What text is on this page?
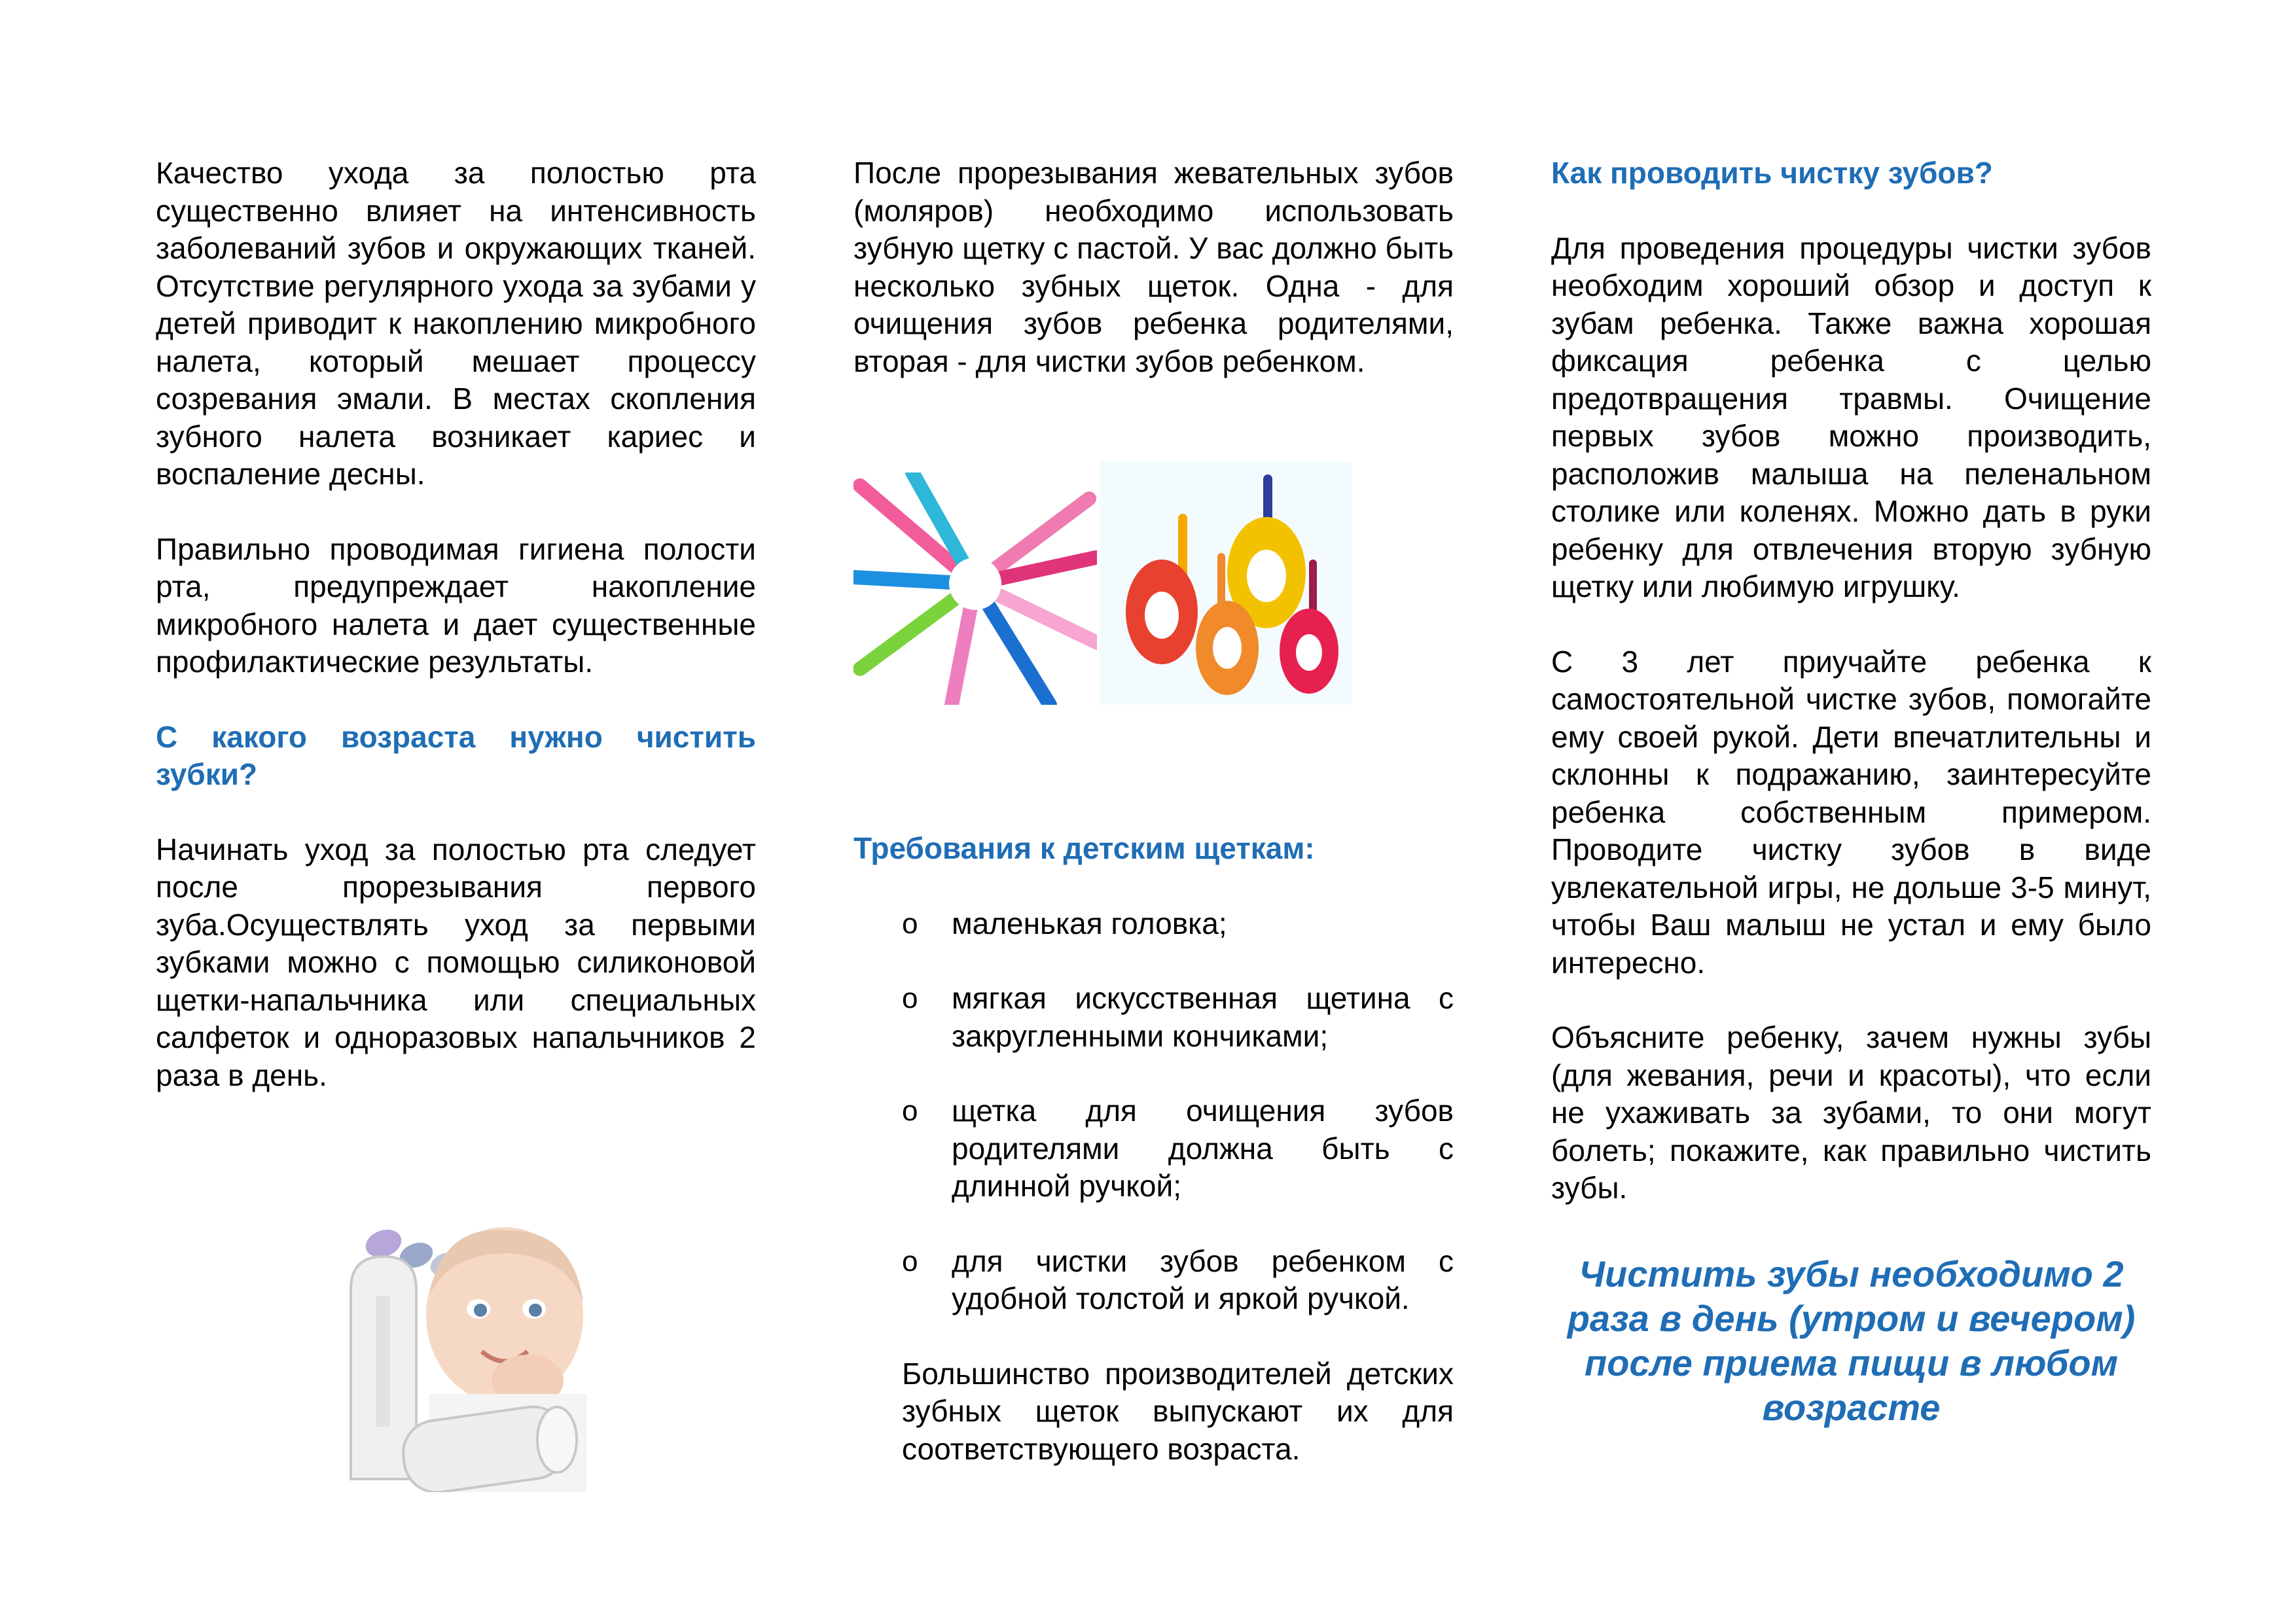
Качество ухода за полостью рта существенно влияет на интенсивность заболеваний зубов и окружающих тканей. Отсутствие регулярного ухода за зубами у детей приводит к накоплению микробного налета, который мешает процессу созревания эмали. В местах скопления зубного налета возникает кариес и воспаление десны.

Правильно проводимая гигиена полости рта, предупреждает накопление микробного налета и дает существенные профилактические результаты.

С какого возраста нужно чистить зубки?

Начинать уход за полостью рта следует после прорезывания первого зуба.Осуществлять уход за первыми зубками можно с помощью силиконовой щетки-напальчника или специальных салфеток и одноразовых напальчников 2 раза в день.

После прорезывания жевательных зубов (моляров) необходимо использовать зубную щетку с пастой. У вас должно быть несколько зубных щеток. Одна - для очищения зубов ребенка родителями, вторая - для чистки зубов ребенком.

Требования к детским щеткам:
o маленькая головка;
o мягкая искусственная щетина с закругленными кончиками;
o щетка для очищения зубов родителями должна быть с длинной ручкой;
o для чистки зубов ребенком с удобной толстой и яркой ручкой.

Большинство производителей детских зубных щеток выпускают их для соответствующего возраста.

Как проводить чистку зубов?

Для проведения процедуры чистки зубов необходим хороший обзор и доступ к зубам ребенка. Также важна хорошая фиксация ребенка с целью предотвращения травмы. Очищение первых зубов можно производить, расположив малыша на пеленальном столике или коленях. Можно дать в руки ребенку для отвлечения вторую зубную щетку или любимую игрушку.

С 3 лет приучайте ребенка к самостоятельной чистке зубов, помогайте ему своей рукой. Дети впечатлительны и склонны к подражанию, заинтересуйте ребенка собственным примером. Проводите чистку зубов в виде увлекательной игры, не дольше 3-5 минут, чтобы Ваш малыш не устал и ему было интересно.

Объясните ребенку, зачем нужны зубы (для жевания, речи и красоты), что если не ухаживать за зубами, то они могут болеть; покажите, как правильно чистить зубы.

Чистить зубы необходимо 2 раза в день (утром и вечером) после приема пищи в любом возрасте
